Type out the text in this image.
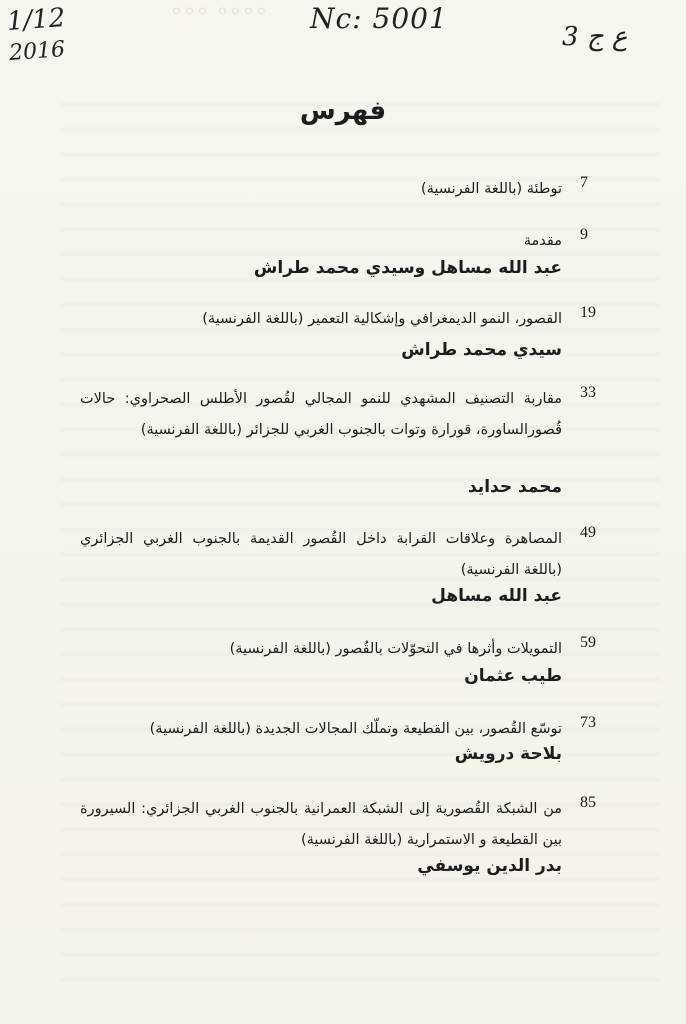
◦◦◦ ◦◦◦◦
1/12
2016
Nc: 5001
3 ع ج
فهرس
7
توطئة (باللغة الفرنسية)
9
مقدمة
عبد الله مساهل وسيدي محمد طراش
19
القصور، النمو الديمغرافي وإشكالية التعمير (باللغة الفرنسية)
سيدي محمد طراش
33
مقاربة التصنيف المشهدي للنمو المجالي لقُصور الأطلس الصحراوي: حالات قُصورالساورة، قورارة وتوات بالجنوب الغربي للجزائر (باللغة الفرنسية)
محمد حدايد
49
المصاهرة وعلاقات القرابة داخل القُصور القديمة بالجنوب الغربي الجزائري (باللغة الفرنسية)
عبد الله مساهل
59
التمويلات وأثرها في التحوّلات بالقُصور (باللغة الفرنسية)
طيب عثمان
73
توسّع القُصور، بين القطيعة وتملّك المجالات الجديدة (باللغة الفرنسية)
بلاحة درويش
85
من الشبكة القُصورية إلى الشبكة العمرانية بالجنوب الغربي الجزائري: السيرورة بين القطيعة و الاستمرارية (باللغة الفرنسية)
بدر الدين يوسفي
